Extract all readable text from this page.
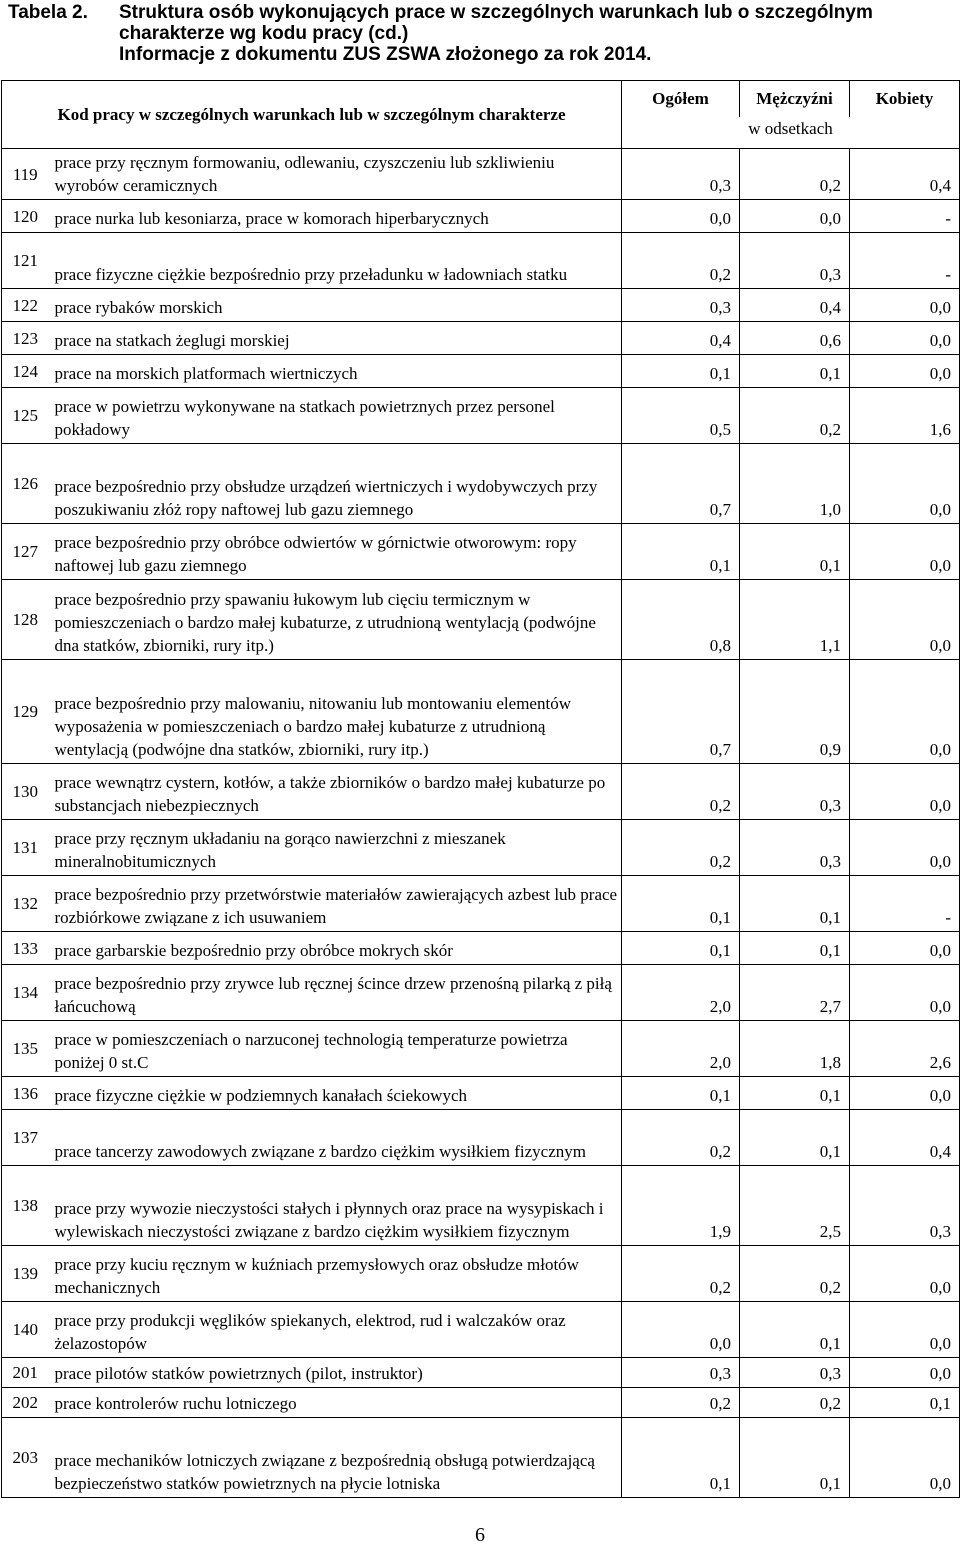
Tabela 2. Struktura osób wykonujących prace w szczególnych warunkach lub o szczególnym
charakterze wg kodu pracy (cd.)
Informacje z dokumentu ZUS ZSWA złożonego za rok 2014.
Kod pracy w szczególnych warunkach lub w szczególnym charakterze		Ogółem	Mężczyźni	Kobiety
		w odsetkach		
119	prace przy ręcznym formowaniu, odlewaniu, czyszczeniu lub szkliwieniu wyrobów ceramicznych	0,3	0,2	0,4
120	prace nurka lub kesoniarza, prace w komorach hiperbarycznych	0,0	0,0	-
121	prace fizyczne ciężkie bezpośrednio przy przeładunku w ładowniach statku	0,2	0,3	-
122	prace rybaków morskich	0,3	0,4	0,0
123	prace na statkach żeglugi morskiej	0,4	0,6	0,0
124	prace na morskich platformach wiertniczych	0,1	0,1	0,0
125	prace w powietrzu wykonywane na statkach powietrznych przez personel pokładowy	0,5	0,2	1,6
126	prace bezpośrednio przy obsłudze urządzeń wiertniczych i wydobywczych przy poszukiwaniu złóż ropy naftowej lub gazu ziemnego	0,7	1,0	0,0
127	prace bezpośrednio przy obróbce odwiertów w górnictwie otworowym: ropy naftowej lub gazu ziemnego	0,1	0,1	0,0
128	prace bezpośrednio przy spawaniu łukowym lub cięciu termicznym w pomieszczeniach o bardzo małej kubaturze, z utrudnioną wentylacją (podwójne dna statków, zbiorniki, rury itp.)	0,8	1,1	0,0
129	prace bezpośrednio przy malowaniu, nitowaniu lub montowaniu elementów wyposażenia w pomieszczeniach o bardzo małej kubaturze z utrudnioną wentylacją (podwójne dna statków, zbiorniki, rury itp.)	0,7	0,9	0,0
130	prace wewnątrz cystern, kotłów, a także zbiorników o bardzo małej kubaturze po substancjach niebezpiecznych	0,2	0,3	0,0
131	prace przy ręcznym układaniu na gorąco nawierzchni z mieszanek mineralnobitumicznych	0,2	0,3	0,0
132	prace bezpośrednio przy przetwórstwie materiałów zawierających azbest lub prace rozbiórkowe związane z ich usuwaniem	0,1	0,1	-
133	prace garbarskie bezpośrednio przy obróbce mokrych skór	0,1	0,1	0,0
134	prace bezpośrednio przy zrywce lub ręcznej ścince drzew przenośną pilarką z piłą łańcuchową	2,0	2,7	0,0
135	prace w pomieszczeniach o narzuconej technologią temperaturze powietrza poniżej 0 st.C	2,0	1,8	2,6
136	prace fizyczne ciężkie w podziemnych kanałach ściekowych	0,1	0,1	0,0
137	prace tancerzy zawodowych związane z bardzo ciężkim wysiłkiem fizycznym	0,2	0,1	0,4
138	prace przy wywozie nieczystości stałych i płynnych oraz prace na wysypiskach i wylewiskach nieczystości związane z bardzo ciężkim wysiłkiem fizycznym	1,9	2,5	0,3
139	prace przy kuciu ręcznym w kuźniach przemysłowych oraz obsłudze młotów mechanicznych	0,2	0,2	0,0
140	prace przy produkcji węglików spiekanych, elektrod, rud i walczaków oraz żelazostopów	0,0	0,1	0,0
201	prace pilotów statków powietrznych (pilot, instruktor)	0,3	0,3	0,0
202	prace kontrolerów ruchu lotniczego	0,2	0,2	0,1
203	prace mechaników lotniczych związane z bezpośrednią obsługą potwierdzającą bezpieczeństwo statków powietrznych na płycie lotniska	0,1	0,1	0,0
6
